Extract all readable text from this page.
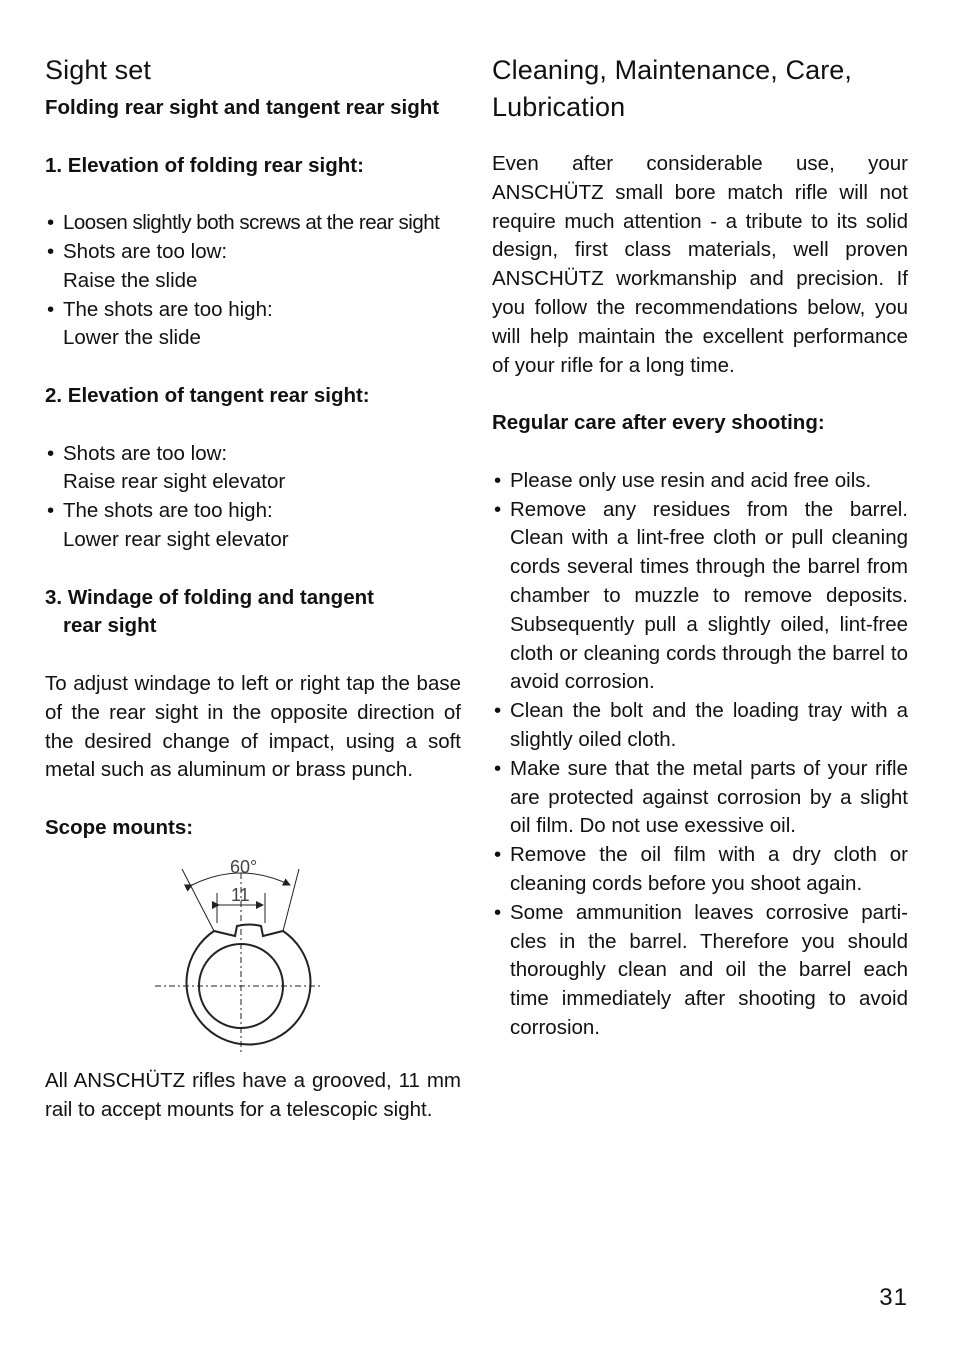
Sight set

Folding rear sight and tangent rear sight

1. Elevation of folding rear sight:

• Loosen slightly both screws at the rear sight
• Shots are too low:

Raise the slide

• The shots are too high:

Lower the slide

2. Elevation of tangent rear sight:

• Shots are too low:

Raise rear sight elevator

• The shots are too high:

Lower rear sight elevator

3. Windage of folding and tangent

rear sight

To adjust windage to left or right tap the base of the rear sight in the opposite direction of the desired change of impact, using a soft metal such as aluminum or brass punch.

Scope mounts:

60°
11

All ANSCHÜTZ rifles have a grooved, 11 mm rail to accept mounts for a telescopic sight.

Cleaning, Maintenance, Care,
Lubrication

Even after considerable use, your ANSCHÜTZ small bore match rifle will not require much attention - a tribute to its solid design, first class materials, well proven ANSCHÜTZ workmanship and precision. If you follow the recommendations below, you will help maintain the excellent performance of your rifle for a long time.

Regular care after every shooting:

• Please only use resin and acid free oils.
• Remove any residues from the barrel. Clean with a lint-free cloth or pull cleaning cords several times through the barrel from chamber to muzzle to remove deposits. Subsequently pull a slightly oiled, lint-free cloth or cleaning cords through the barrel to avoid corrosion.
• Clean the bolt and the loading tray with a slightly oiled cloth.
• Make sure that the metal parts of your rifle are protected against corrosion by a slight oil film. Do not use exessive oil.
• Remove the oil film with a dry cloth or cleaning cords before you shoot again.
• Some ammunition leaves corrosive parti-cles in the barrel. Therefore you should thoroughly clean and oil the barrel each time immediately after shooting to avoid corrosion.
31
